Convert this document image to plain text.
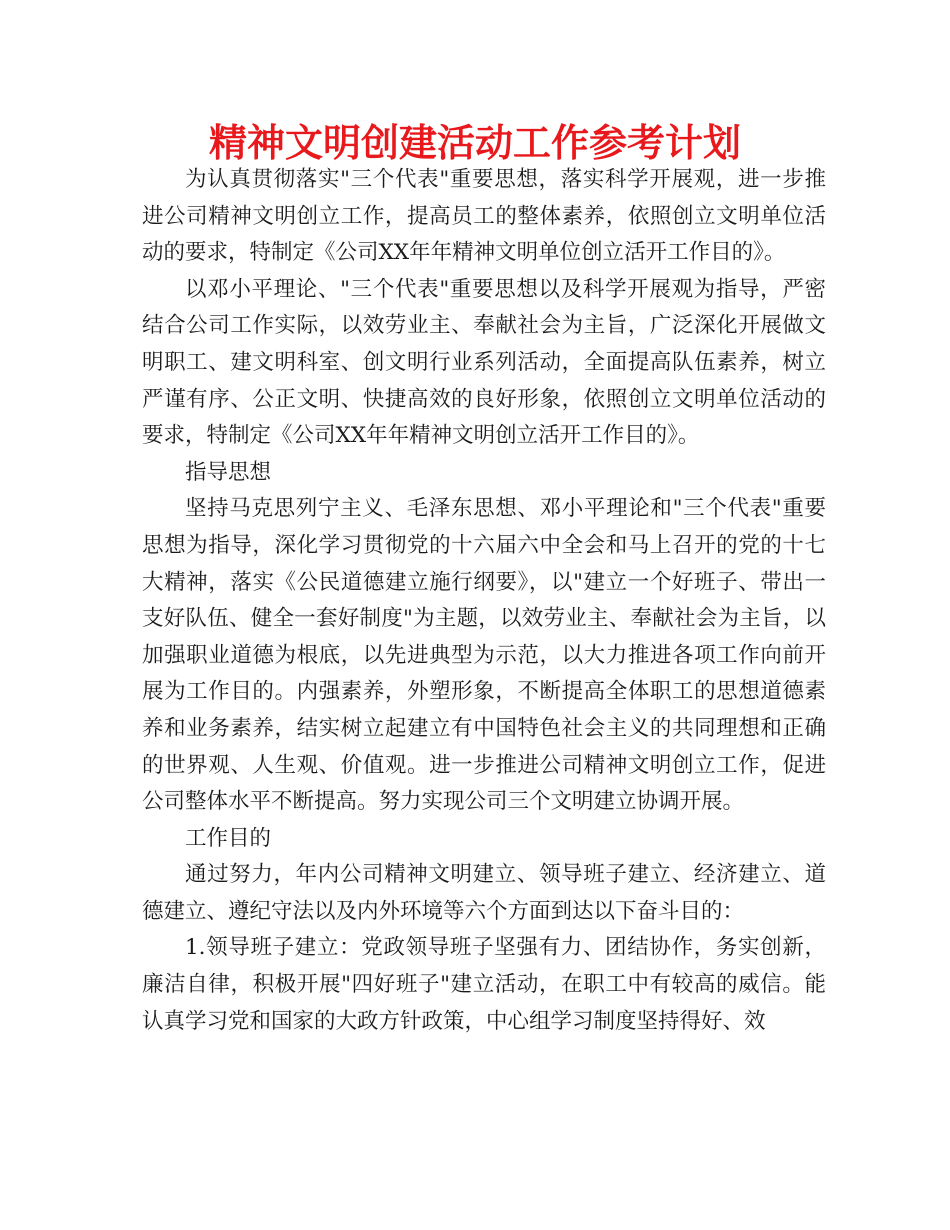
精神文明创建活动工作参考计划

为认真贯彻落实"三个代表"重要思想，落实科学开展观，进一步推进公司精神文明创立工作，提高员工的整体素养，依照创立文明单位活动的要求，特制定《公司XX年年精神文明单位创立活开工作目的》。

以邓小平理论、"三个代表"重要思想以及科学开展观为指导，严密结合公司工作实际，以效劳业主、奉献社会为主旨，广泛深化开展做文明职工、建文明科室、创文明行业系列活动，全面提高队伍素养，树立严谨有序、公正文明、快捷高效的良好形象，依照创立文明单位活动的要求，特制定《公司XX年年精神文明创立活开工作目的》。

指导思想

坚持马克思列宁主义、毛泽东思想、邓小平理论和"三个代表"重要思想为指导，深化学习贯彻党的十六届六中全会和马上召开的党的十七大精神，落实《公民道德建立施行纲要》，以"建立一个好班子、带出一支好队伍、健全一套好制度"为主题，以效劳业主、奉献社会为主旨，以加强职业道德为根底，以先进典型为示范，以大力推进各项工作向前开展为工作目的。内强素养，外塑形象，不断提高全体职工的思想道德素养和业务素养，结实树立起建立有中国特色社会主义的共同理想和正确的世界观、人生观、价值观。进一步推进公司精神文明创立工作，促进公司整体水平不断提高。努力实现公司三个文明建立协调开展。

工作目的

通过努力，年内公司精神文明建立、领导班子建立、经济建立、道德建立、遵纪守法以及内外环境等六个方面到达以下奋斗目的：

1.领导班子建立：党政领导班子坚强有力、团结协作，务实创新，廉洁自律，积极开展"四好班子"建立活动，在职工中有较高的威信。能认真学习党和国家的大政方针政策，中心组学习制度坚持得好、效
